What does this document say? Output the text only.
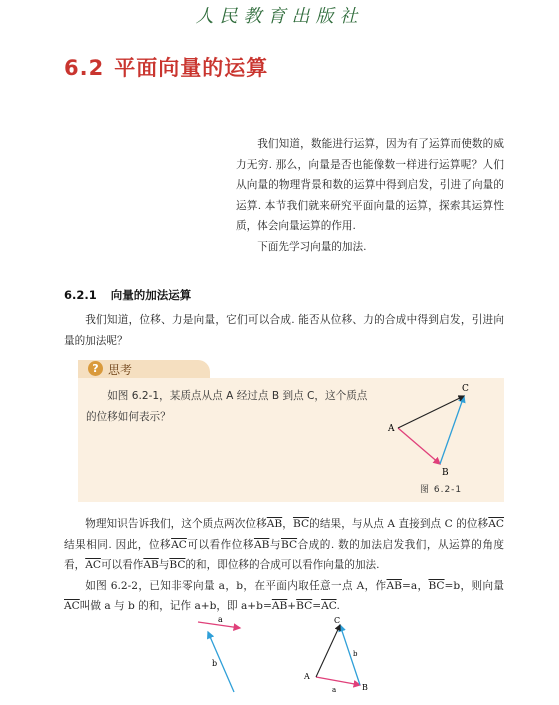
人民教育出版社
6.2 平面向量的运算

我们知道，数能进行运算，因为有了运算而使数的威力无穷. 那么，向量是否也能像数一样进行运算呢？人们从向量的物理背景和数的运算中得到启发，引进了向量的运算. 本节我们就来研究平面向量的运算，探索其运算性质，体会向量运算的作用.

下面先学习向量的加法.

6.2.1 向量的加法运算

我们知道，位移、力是向量，它们可以合成. 能否从位移、力的合成中得到启发，引进向量的加法呢？

? 思考

如图 6.2-1，某质点从点 A 经过点 B 到点 C，这个质点的位移如何表示？

A
B
C
图 6.2-1

物理知识告诉我们，这个质点两次位移$\overline{AB}$，$\overline{BC}$的结果，与从点 A 直接到点 C 的位移$\overline{AC}$结果相同. 因此，位移$\overline{AC}$可以看作位移$\overline{AB}$与$\overline{BC}$合成的. 数的加法启发我们，从运算的角度看，$\overline{AC}$可以看作$\overline{AB}$与$\overline{BC}$的和，即位移的合成可以看作向量的加法.

如图 6.2-2，已知非零向量 a，b，在平面内取任意一点 A，作$\overline{AB}=a$，$\overline{BC}=b$，则向量$\overline{AC}$叫做 a 与 b 的和，记作 a+b，即 $a+b=\overline{AB}+\overline{BC}=\overline{AC}$.

a
b
A
B
C
a
b
